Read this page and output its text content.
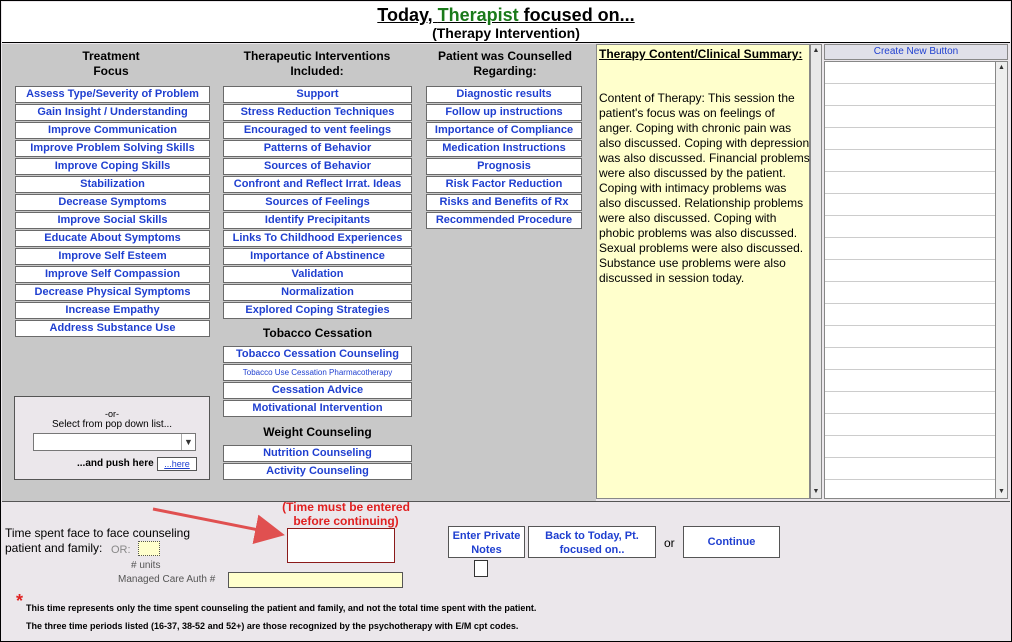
Today, Therapist focused on...
(Therapy Intervention)
Treatment
Focus
Therapeutic Interventions
Included:
Patient was Counselled
Regarding:
Assess Type/Severity of Problem
Gain Insight / Understanding
Improve Communication
Improve Problem Solving Skills
Improve Coping Skills
Stabilization
Decrease Symptoms
Improve Social Skills
Educate About Symptoms
Improve Self Esteem
Improve Self Compassion
Decrease Physical Symptoms
Increase Empathy
Address Substance Use
Support
Stress Reduction Techniques
Encouraged to vent feelings
Patterns of Behavior
Sources of Behavior
Confront and Reflect Irrat. Ideas
Sources of Feelings
Identify Precipitants
Links To Childhood Experiences
Importance of Abstinence
Validation
Normalization
Explored Coping Strategies
Tobacco Cessation
Tobacco Cessation Counseling
Tobacco Use Cessation Pharmacotherapy
Cessation Advice
Motivational Intervention
Weight Counseling
Nutrition Counseling
Activity Counseling
Diagnostic results
Follow up instructions
Importance of Compliance
Medication Instructions
Prognosis
Risk Factor Reduction
Risks and Benefits of Rx
Recommended Procedure
-or-
Select from pop down list...
▼
...and push here	...here
Therapy Content/Clinical Summary:
Content of Therapy: This session the patient's focus was on feelings of anger. Coping with chronic pain was also discussed. Coping with depression was also discussed. Financial problems were also discussed by the patient. Coping with intimacy problems was also discussed. Relationship problems were also discussed. Coping with phobic problems was also discussed. Sexual problems were also discussed. Substance use problems were also discussed in session today.
▲
▼
Create New Button
▲
▼
Time spent face to face counseling
patient and family: OR:
# units
Managed Care Auth #
(Time must be entered before continuing)
Enter Private Notes
Back to Today, Pt. focused on..	or	Continue
* This time represents only the time spent counseling the patient and family, and not the total time spent with the patient.
The three time periods listed (16-37, 38-52 and 52+) are those recognized by the psychotherapy with E/M cpt codes.
